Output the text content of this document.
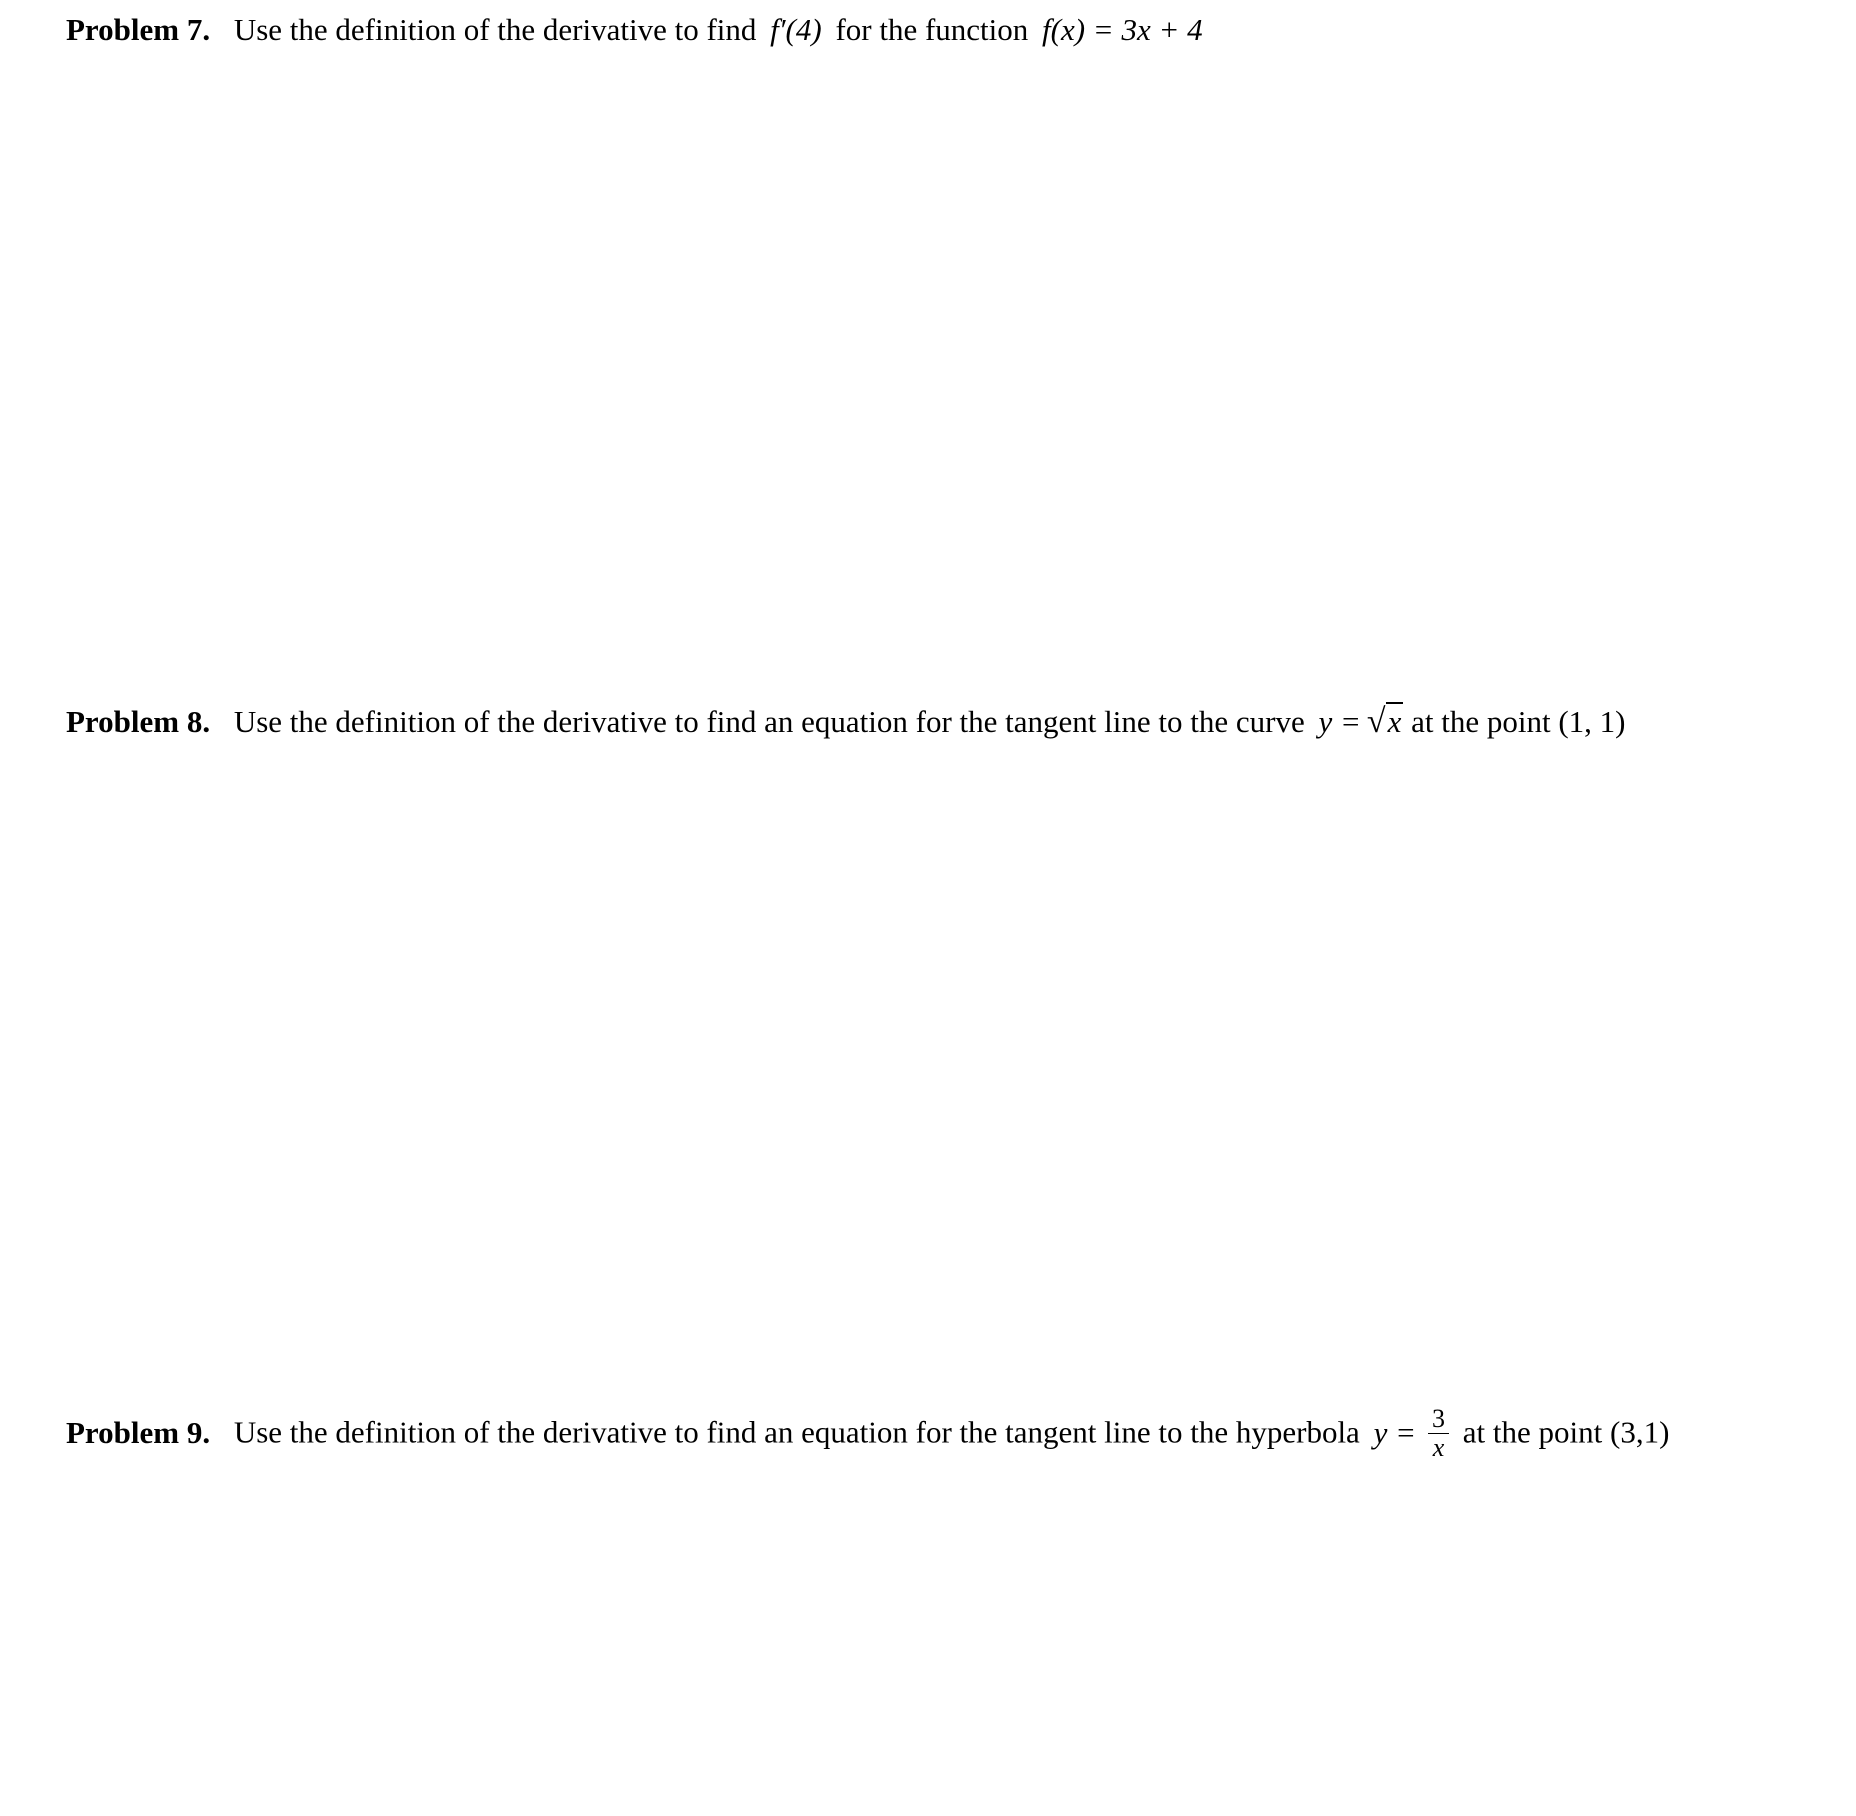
Problem 7. Use the definition of the derivative to find f′(4) for the function f(x) = 3x + 4
Problem 8. Use the definition of the derivative to find an equation for the tangent line to the curve y = √x at the point (1, 1)
Problem 9. Use the definition of the derivative to find an equation for the tangent line to the hyperbola $y = \frac{3}{x}$ at the point (3,1)
